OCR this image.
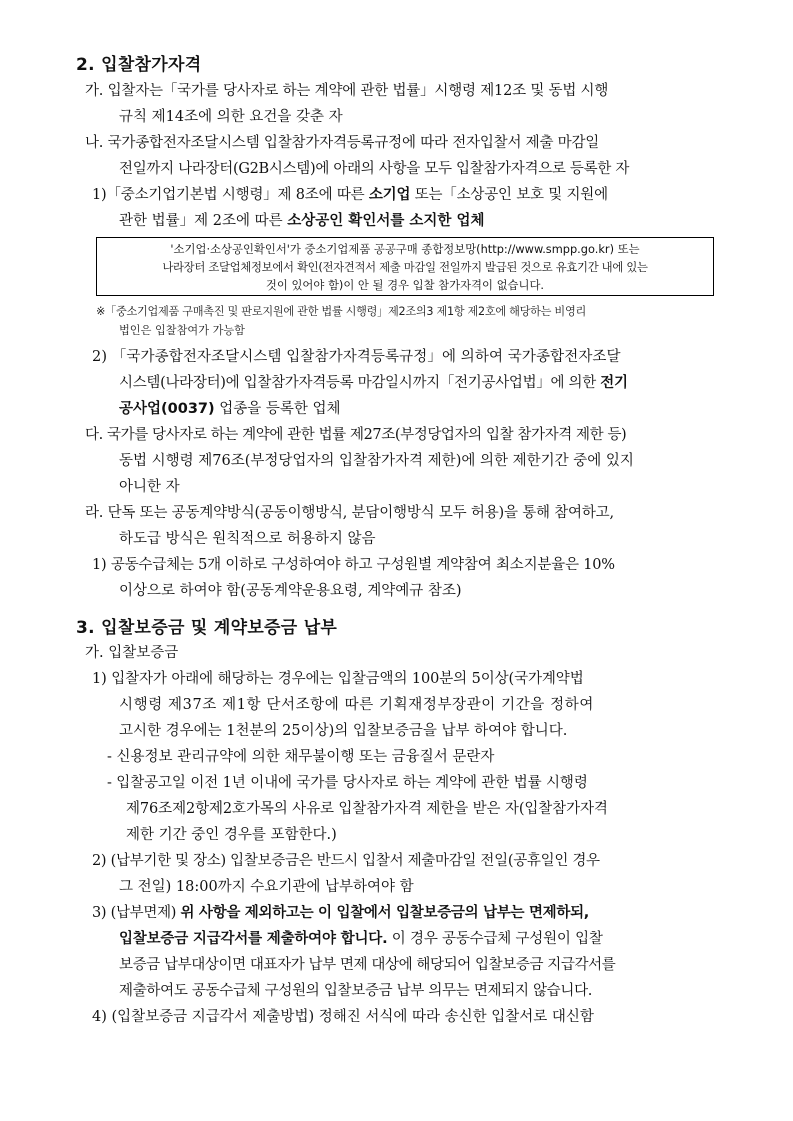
2. 입찰참가자격
가. 입찰자는「국가를 당사자로 하는 계약에 관한 법률」시행령 제12조 및 동법 시행
규칙 제14조에 의한 요건을 갖춘 자
나. 국가종합전자조달시스템 입찰참가자격등록규정에 따라 전자입찰서 제출 마감일
전일까지 나라장터(G2B시스템)에 아래의 사항을 모두 입찰참가자격으로 등록한 자
1)「중소기업기본법 시행령」제 8조에 따른 소기업 또는「소상공인 보호 및 지원에
관한 법률」제 2조에 따른 소상공인 확인서를 소지한 업체
'소기업·소상공인확인서'가 중소기업제품 공공구매 종합정보망(http://www.smpp.go.kr) 또는
나라장터 조달업체정보에서 확인(전자견적서 제출 마감일 전일까지 발급된 것으로 유효기간 내에 있는
것이 있어야 함)이 안 될 경우 입찰 참가자격이 없습니다.
※「중소기업제품 구매촉진 및 판로지원에 관한 법률 시행령」제2조의3 제1항 제2호에 해당하는 비영리
법인은 입찰참여가 가능함
2) 「국가종합전자조달시스템 입찰참가자격등록규정」에 의하여 국가종합전자조달
시스템(나라장터)에 입찰참가자격등록 마감일시까지「전기공사업법」에 의한 전기
공사업(0037) 업종을 등록한 업체
다. 국가를 당사자로 하는 계약에 관한 법률 제27조(부정당업자의 입찰 참가자격 제한 등)
동법 시행령 제76조(부정당업자의 입찰참가자격 제한)에 의한 제한기간 중에 있지
아니한 자
라. 단독 또는 공동계약방식(공동이행방식, 분담이행방식 모두 허용)을 통해 참여하고,
하도급 방식은 원칙적으로 허용하지 않음
1) 공동수급체는 5개 이하로 구성하여야 하고 구성원별 계약참여 최소지분율은 10%
이상으로 하여야 함(공동계약운용요령, 계약예규 참조)
3. 입찰보증금 및 계약보증금 납부
가. 입찰보증금
1) 입찰자가 아래에 해당하는 경우에는 입찰금액의 100분의 5이상(국가계약법
시행령 제37조 제1항 단서조항에 따른 기획재정부장관이 기간을 정하여
고시한 경우에는 1천분의 25이상)의 입찰보증금을 납부 하여야 합니다.
- 신용정보 관리규약에 의한 채무불이행 또는 금융질서 문란자
- 입찰공고일 이전 1년 이내에 국가를 당사자로 하는 계약에 관한 법률 시행령
제76조제2항제2호가목의 사유로 입찰참가자격 제한을 받은 자(입찰참가자격
제한 기간 중인 경우를 포함한다.)
2) (납부기한 및 장소) 입찰보증금은 반드시 입찰서 제출마감일 전일(공휴일인 경우
그 전일) 18:00까지 수요기관에 납부하여야 함
3) (납부면제) 위 사항을 제외하고는 이 입찰에서 입찰보증금의 납부는 면제하되,
입찰보증금 지급각서를 제출하여야 합니다. 이 경우 공동수급체 구성원이 입찰
보증금 납부대상이면 대표자가 납부 면제 대상에 해당되어 입찰보증금 지급각서를
제출하여도 공동수급체 구성원의 입찰보증금 납부 의무는 면제되지 않습니다.
4) (입찰보증금 지급각서 제출방법) 정해진 서식에 따라 송신한 입찰서로 대신함
